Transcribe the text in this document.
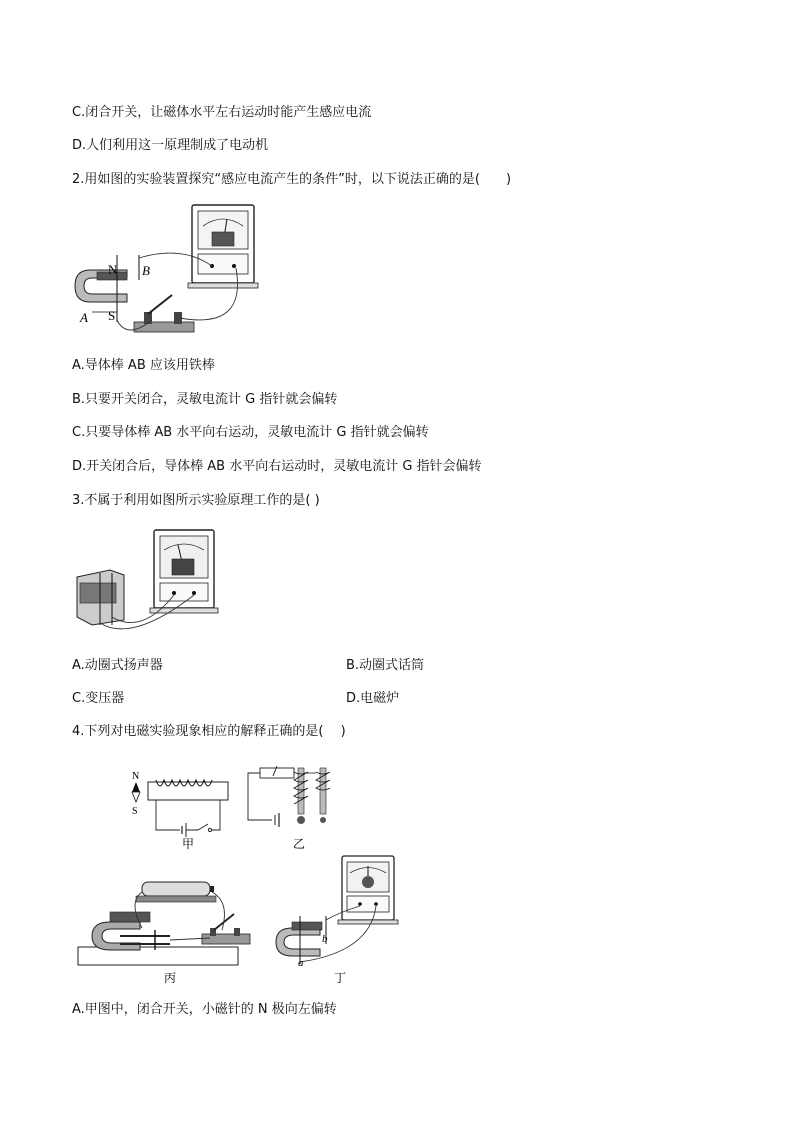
C.闭合开关，让磁体水平左右运动时能产生感应电流
D.人们利用这一原理制成了电动机
2.用如图的实验装置探究“感应电流产生的条件”时，以下说法正确的是(　　)
N B
A S
A.导体棒 AB 应该用铁棒
B.只要开关闭合，灵敏电流计 G 指针就会偏转
C.只要导体棒 AB 水平向右运动，灵敏电流计 G 指针就会偏转
D.开关闭合后，导体棒 AB 水平向右运动时，灵敏电流计 G 指针会偏转
3.不属于利用如图所示实验原理工作的是( )
A.动圈式扬声器	B.动圈式话筒
C.变压器	D.电磁炉
4.下列对电磁实验现象相应的解释正确的是(　 )
N
S
甲	乙
丙
a
b
丁
A.甲图中，闭合开关，小磁针的 N 极向左偏转
